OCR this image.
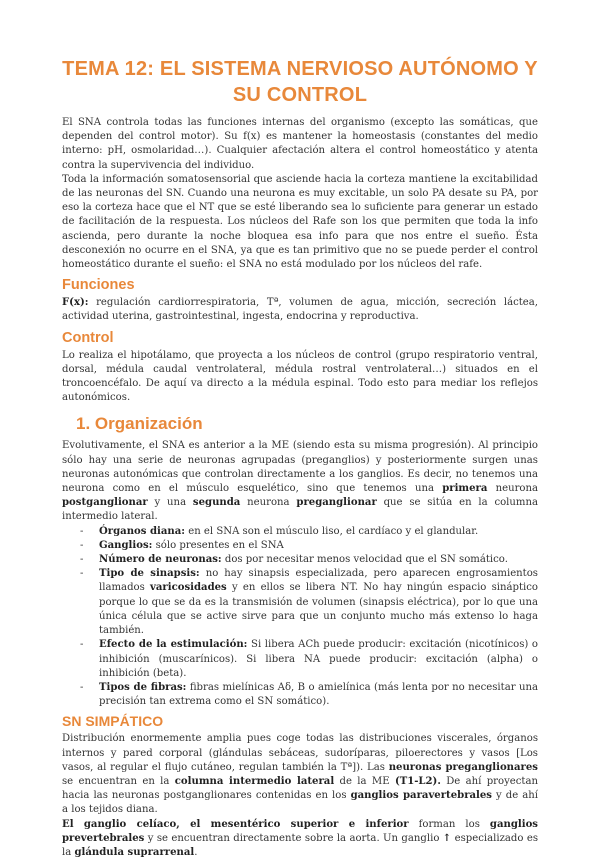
TEMA 12: EL SISTEMA NERVIOSO AUTÓNOMO Y SU CONTROL

El SNA controla todas las funciones internas del organismo (excepto las somáticas, que dependen del control motor). Su f(x) es mantener la homeostasis (constantes del medio interno: pH, osmolaridad…). Cualquier afectación altera el control homeostático y atenta contra la supervivencia del individuo.

Toda la información somatosensorial que asciende hacia la corteza mantiene la excitabilidad de las neuronas del SN. Cuando una neurona es muy excitable, un solo PA desate su PA, por eso la corteza hace que el NT que se esté liberando sea lo suficiente para generar un estado de facilitación de la respuesta. Los núcleos del Rafe son los que permiten que toda la info ascienda, pero durante la noche bloquea esa info para que nos entre el sueño. Ésta desconexión no ocurre en el SNA, ya que es tan primitivo que no se puede perder el control homeostático durante el sueño: el SNA no está modulado por los núcleos del rafe.

Funciones

F(x): regulación cardiorrespiratoria, Tª, volumen de agua, micción, secreción láctea, actividad uterina, gastrointestinal, ingesta, endocrina y reproductiva.

Control

Lo realiza el hipotálamo, que proyecta a los núcleos de control (grupo respiratorio ventral, dorsal, médula caudal ventrolateral, médula rostral ventrolateral…) situados en el troncoencéfalo. De aquí va directo a la médula espinal. Todo esto para mediar los reflejos autonómicos.

1. Organización

Evolutivamente, el SNA es anterior a la ME (siendo esta su misma progresión). Al principio sólo hay una serie de neuronas agrupadas (preganglios) y posteriormente surgen unas neuronas autonómicas que controlan directamente a los ganglios. Es decir, no tenemos una neurona como en el músculo esquelético, sino que tenemos una primera neurona postganglionar y una segunda neurona preganglionar que se sitúa en la columna intermedio lateral.

- Órganos diana: en el SNA son el músculo liso, el cardíaco y el glandular.
- Ganglios: sólo presentes en el SNA
- Número de neuronas: dos por necesitar menos velocidad que el SN somático.
- Tipo de sinapsis: no hay sinapsis especializada, pero aparecen engrosamientos llamados varicosidades y en ellos se libera NT. No hay ningún espacio sináptico porque lo que se da es la transmisión de volumen (sinapsis eléctrica), por lo que una única célula que se active sirve para que un conjunto mucho más extenso lo haga también.
- Efecto de la estimulación: Si libera ACh puede producir: excitación (nicotínicos) o inhibición (muscarínicos). Si libera NA puede producir: excitación (alpha) o inhibición (beta).
- Tipos de fibras: fibras mielínicas Aδ, B o amielínica (más lenta por no necesitar una precisión tan extrema como el SN somático).
SN SIMPÁTICO

Distribución enormemente amplia pues coge todas las distribuciones viscerales, órganos internos y pared corporal (glándulas sebáceas, sudoríparas, piloerectores y vasos [Los vasos, al regular el flujo cutáneo, regulan también la Tª]). Las neuronas preganglionares se encuentran en la columna intermedio lateral de la ME (T1-L2). De ahí proyectan hacia las neuronas postganglionares contenidas en los ganglios paravertebrales y de ahí a los tejidos diana.

El ganglio celíaco, el mesentérico superior e inferior forman los ganglios prevertebrales y se encuentran directamente sobre la aorta. Un ganglio ↑ especializado es la glándula suprarrenal.
